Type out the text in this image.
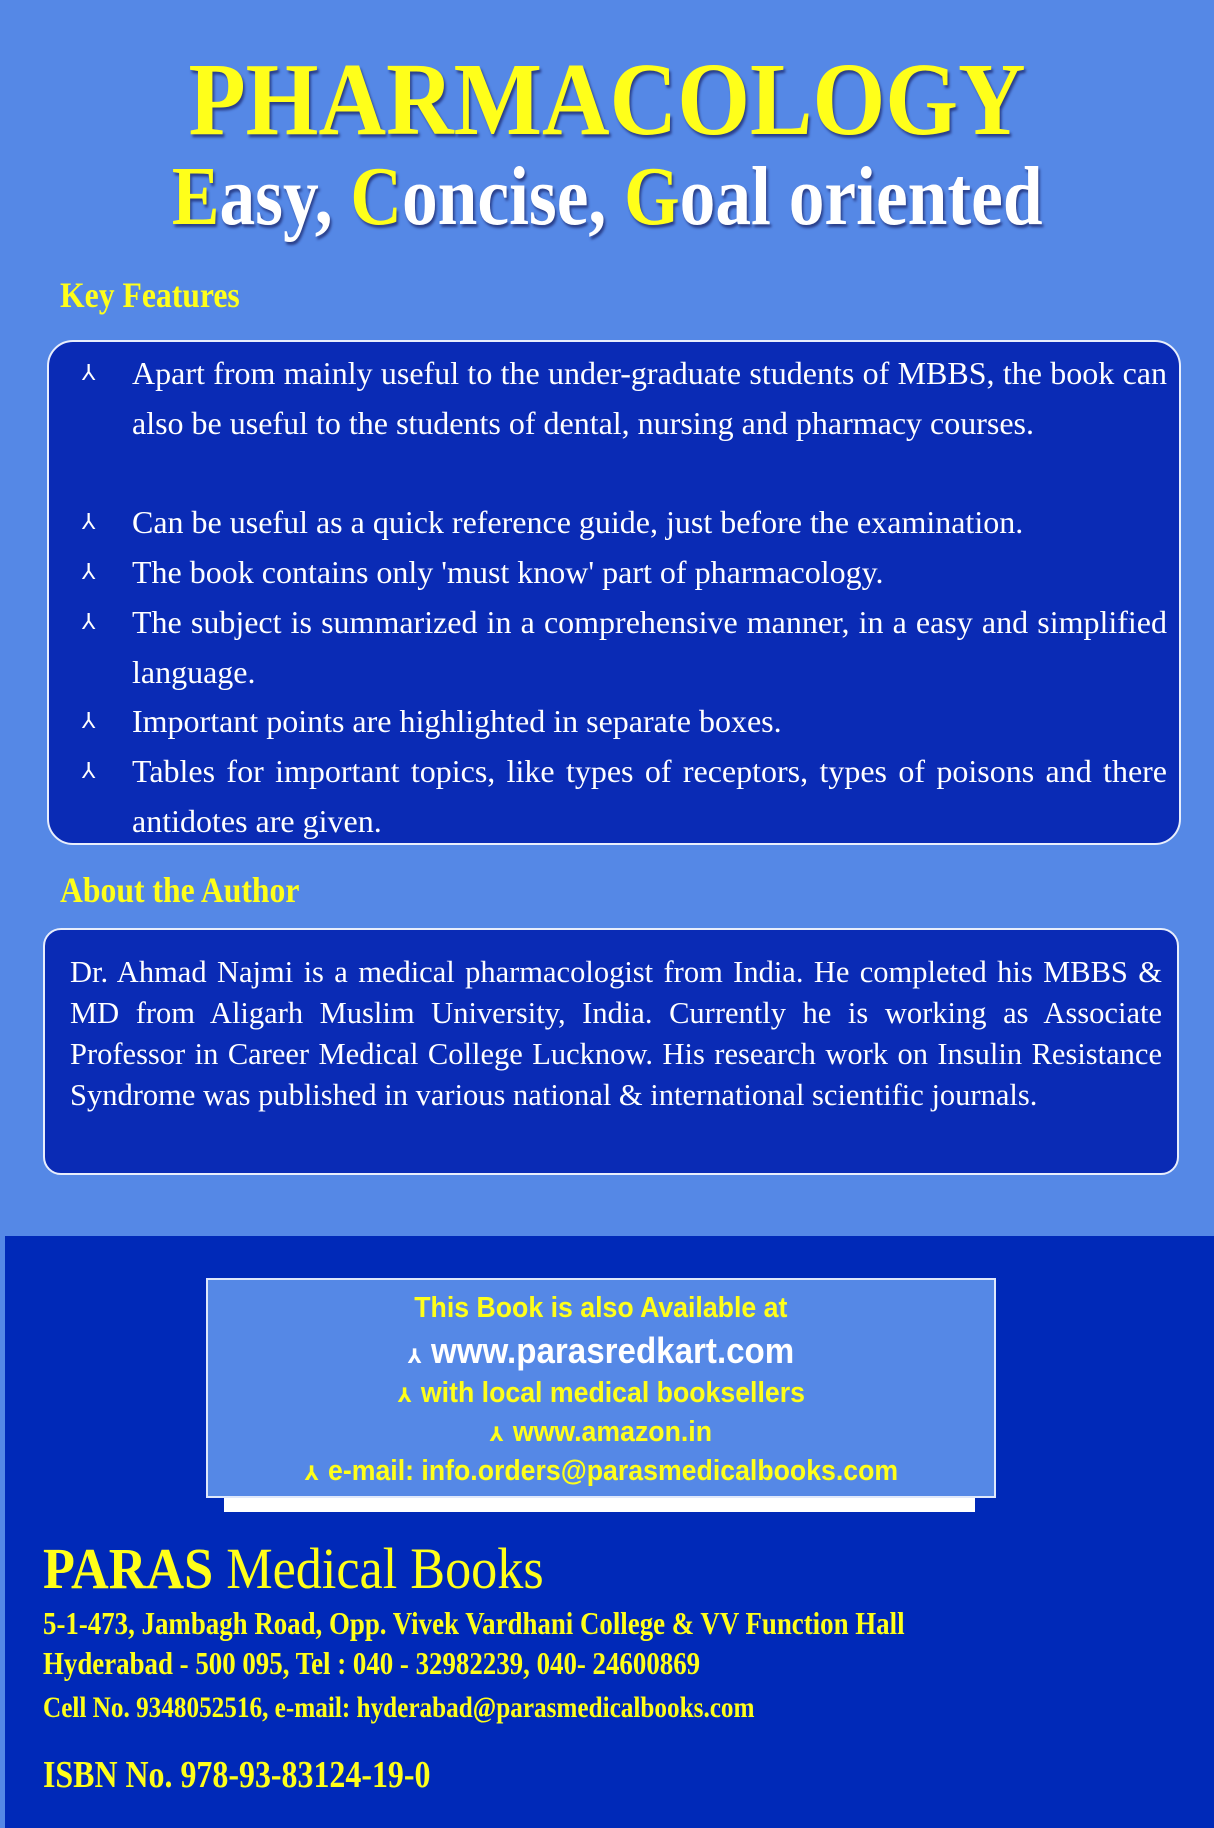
PHARMACOLOGY
Easy, Concise, Goal oriented
Key Features
⅄ Apart from mainly useful to the under-graduate students of MBBS, the book can also be useful to the students of dental, nursing and pharmacy courses.
⅄ Can be useful as a quick reference guide, just before the examination.
⅄ The book contains only 'must know' part of pharmacology.
⅄ The subject is summarized in a comprehensive manner, in a easy and simplified language.
⅄ Important points are highlighted in separate boxes.
⅄ Tables for important topics, like types of receptors, types of poisons and there antidotes are given.
About the Author

Dr. Ahmad Najmi is a medical pharmacologist from India. He completed his MBBS & MD from Aligarh Muslim University, India. Currently he is working as Associate Professor in Career Medical College Lucknow. His research work on Insulin Resistance Syndrome was published in various national & international scientific journals.

This Book is also Available at
⅄ www.parasredkart.com
⅄ with local medical booksellers
⅄ www.amazon.in
⅄ e-mail: info.orders@parasmedicalbooks.com
PARAS Medical Books
5-1-473, Jambagh Road, Opp. Vivek Vardhani College & VV Function Hall
Hyderabad - 500 095, Tel : 040 - 32982239, 040- 24600869
Cell No. 9348052516, e-mail: hyderabad@parasmedicalbooks.com
ISBN No. 978-93-83124-19-0
